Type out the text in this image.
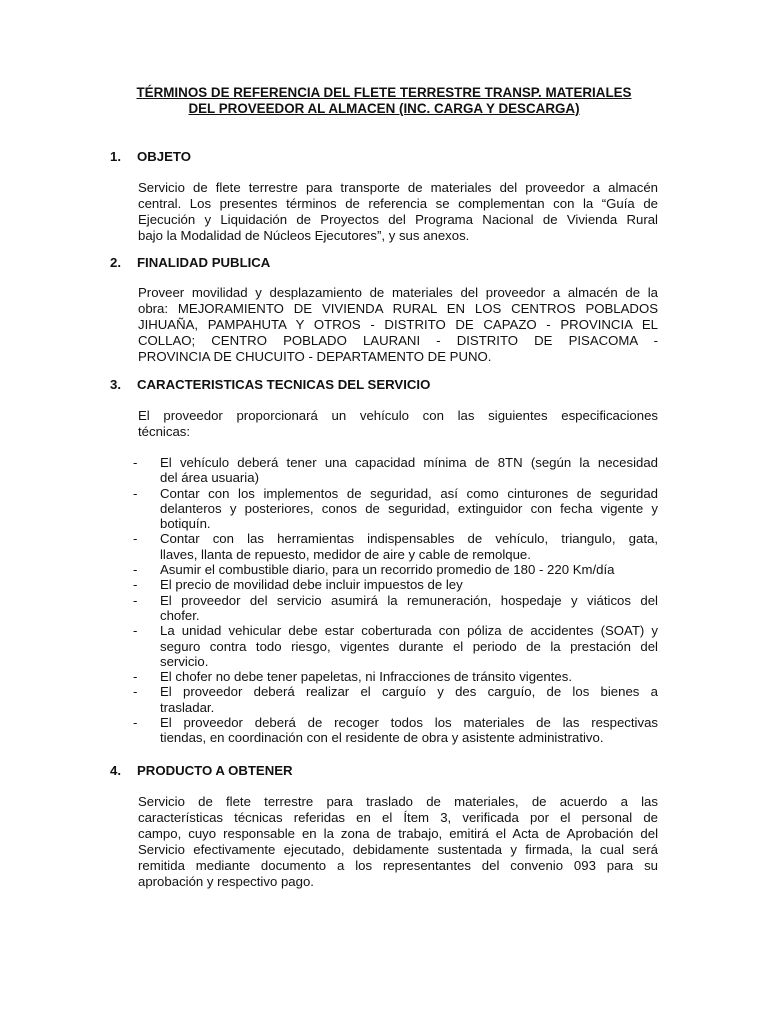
TÉRMINOS DE REFERENCIA DEL FLETE TERRESTRE TRANSP. MATERIALES
DEL PROVEEDOR AL ALMACEN (INC. CARGA Y DESCARGA)
1. OBJETO
Servicio de flete terrestre para transporte de materiales del proveedor a almacén
central. Los presentes términos de referencia se complementan con la “Guía de
Ejecución y Liquidación de Proyectos del Programa Nacional de Vivienda Rural
bajo la Modalidad de Núcleos Ejecutores”, y sus anexos.
2. FINALIDAD PUBLICA
Proveer movilidad y desplazamiento de materiales del proveedor a almacén de la
obra: MEJORAMIENTO DE VIVIENDA RURAL EN LOS CENTROS POBLADOS
JIHUAÑA, PAMPAHUTA Y OTROS - DISTRITO DE CAPAZO - PROVINCIA EL
COLLAO; CENTRO POBLADO LAURANI - DISTRITO DE PISACOMA -
PROVINCIA DE CHUCUITO - DEPARTAMENTO DE PUNO.
3. CARACTERISTICAS TECNICAS DEL SERVICIO
El proveedor proporcionará un vehículo con las siguientes especificaciones
técnicas:
- El vehículo deberá tener una capacidad mínima de 8TN (según la necesidad
del área usuaria)
- Contar con los implementos de seguridad, así como cinturones de seguridad
delanteros y posteriores, conos de seguridad, extinguidor con fecha vigente y
botiquín.
- Contar con las herramientas indispensables de vehículo, triangulo, gata,
llaves, llanta de repuesto, medidor de aire y cable de remolque.
- Asumir el combustible diario, para un recorrido promedio de 180 - 220 Km/día
- El precio de movilidad debe incluir impuestos de ley
- El proveedor del servicio asumirá la remuneración, hospedaje y viáticos del
chofer.
- La unidad vehicular debe estar coberturada con póliza de accidentes (SOAT) y
seguro contra todo riesgo, vigentes durante el periodo de la prestación del
servicio.
- El chofer no debe tener papeletas, ni Infracciones de tránsito vigentes.
- El proveedor deberá realizar el carguío y des carguío, de los bienes a
trasladar.
- El proveedor deberá de recoger todos los materiales de las respectivas
tiendas, en coordinación con el residente de obra y asistente administrativo.
4. PRODUCTO A OBTENER
Servicio de flete terrestre para traslado de materiales, de acuerdo a las
características técnicas referidas en el Ítem 3, verificada por el personal de
campo, cuyo responsable en la zona de trabajo, emitirá el Acta de Aprobación del
Servicio efectivamente ejecutado, debidamente sustentada y firmada, la cual será
remitida mediante documento a los representantes del convenio 093 para su
aprobación y respectivo pago.
